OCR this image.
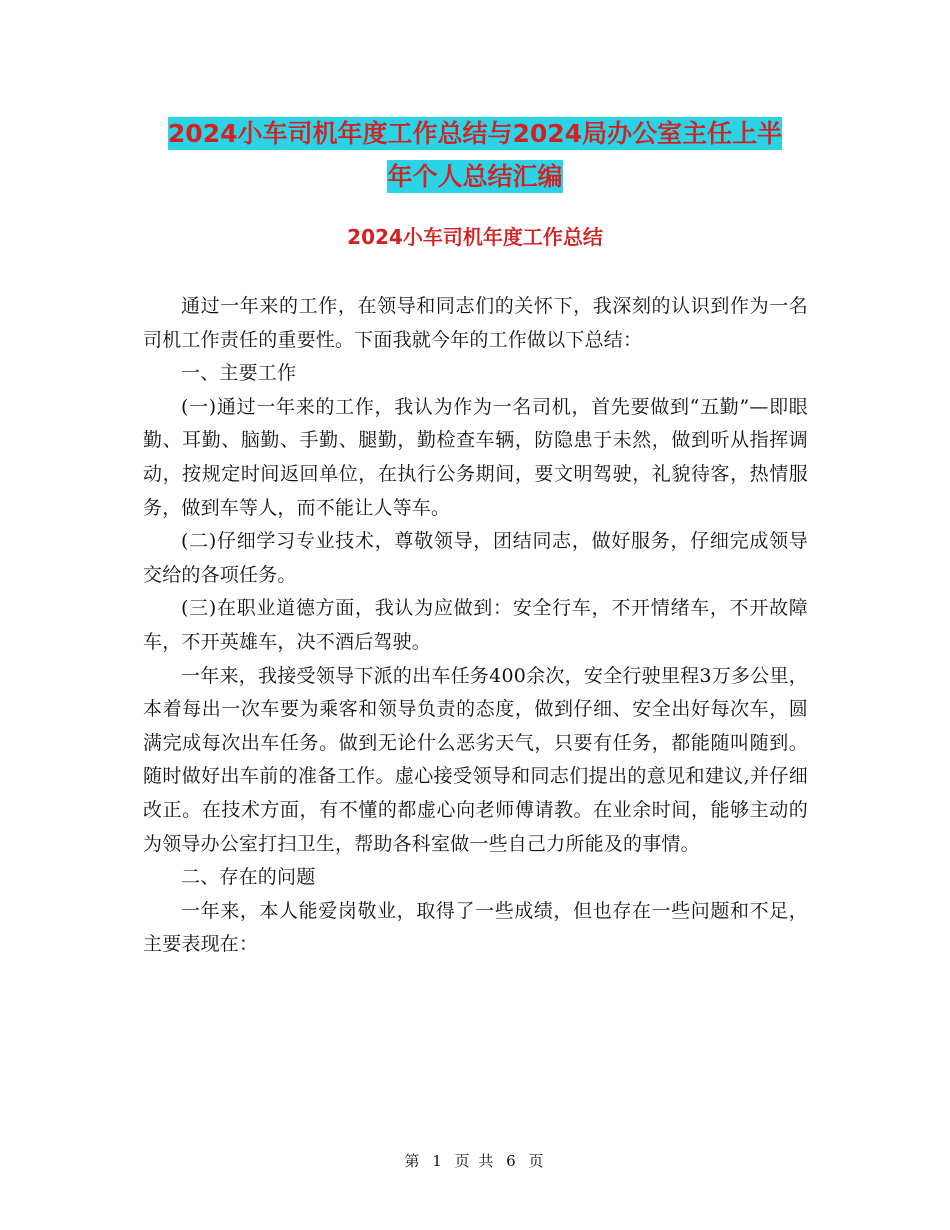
2024小车司机年度工作总结与2024局办公室主任上半
年个人总结汇编
2024小车司机年度工作总结

通过一年来的工作，在领导和同志们的关怀下，我深刻的认识到作为一名司机工作责任的重要性。下面我就今年的工作做以下总结：

一、主要工作

(一)通过一年来的工作，我认为作为一名司机，首先要做到“五勤”—即眼勤、耳勤、脑勤、手勤、腿勤，勤检查车辆，防隐患于未然，做到听从指挥调动，按规定时间返回单位，在执行公务期间，要文明驾驶，礼貌待客，热情服务，做到车等人，而不能让人等车。

(二)仔细学习专业技术，尊敬领导，团结同志，做好服务，仔细完成领导交给的各项任务。

(三)在职业道德方面，我认为应做到：安全行车，不开情绪车，不开故障车，不开英雄车，决不酒后驾驶。

一年来，我接受领导下派的出车任务400余次，安全行驶里程3万多公里，本着每出一次车要为乘客和领导负责的态度，做到仔细、安全出好每次车，圆满完成每次出车任务。做到无论什么恶劣天气，只要有任务，都能随叫随到。随时做好出车前的准备工作。虚心接受领导和同志们提出的意见和建议,并仔细改正。在技术方面，有不懂的都虚心向老师傅请教。在业余时间，能够主动的为领导办公室打扫卫生，帮助各科室做一些自己力所能及的事情。

二、存在的问题

一年来，本人能爱岗敬业，取得了一些成绩，但也存在一些问题和不足，主要表现在：

第 1 页 共 6 页
